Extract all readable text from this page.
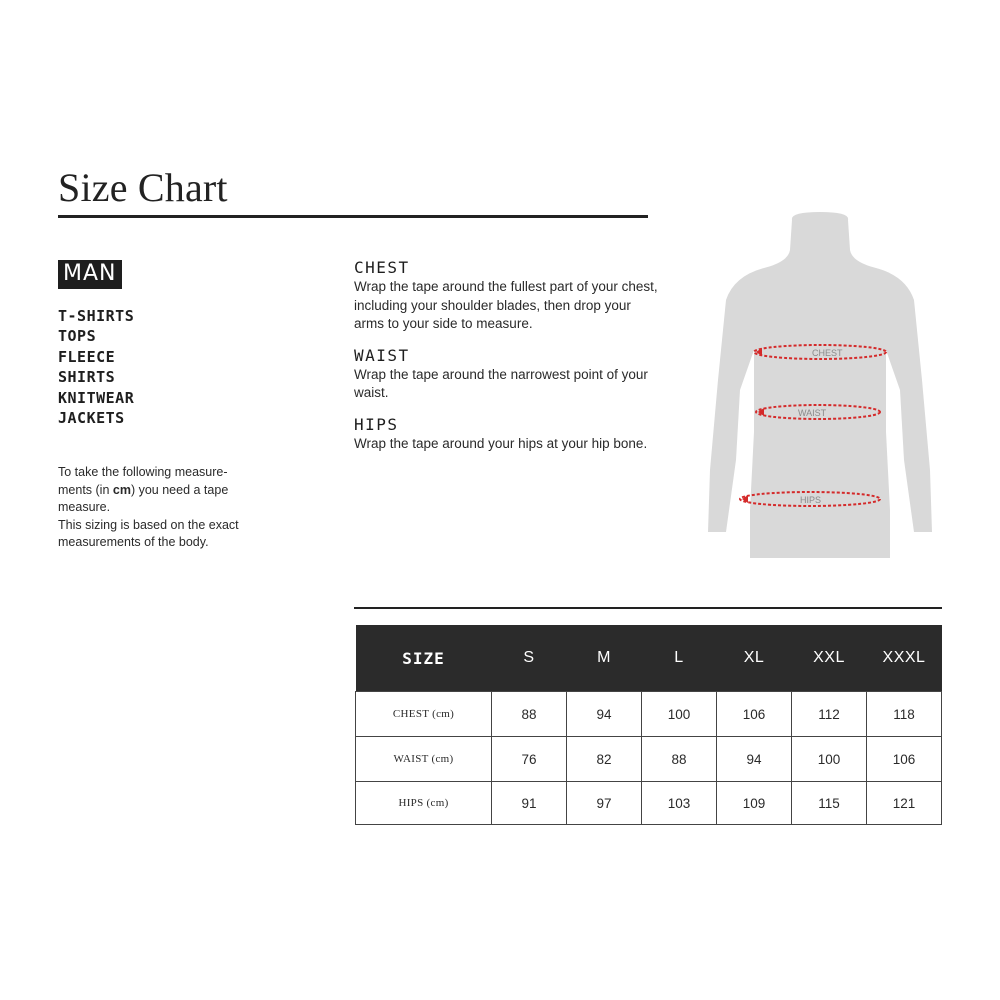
Size Chart
MAN
T-SHIRTS
TOPS
FLEECE
SHIRTS
KNITWEAR
JACKETS

To take the following measure-

ments (in cm) you need a tape

measure.

This sizing is based on the exact measurements of the body.

CHEST

Wrap the tape around the fullest part of your chest, including your shoulder blades, then drop your arms to your side to measure.

WAIST

Wrap the tape around the narrowest point of your waist.

HIPS

Wrap the tape around your hips at your hip bone.

CHEST
WAIST
HIPS
SIZE	S	M	L	XL	XXL	XXXL
CHEST (cm)	88	94	100	106	112	118
WAIST (cm)	76	82	88	94	100	106
HIPS (cm)	91	97	103	109	115	121
